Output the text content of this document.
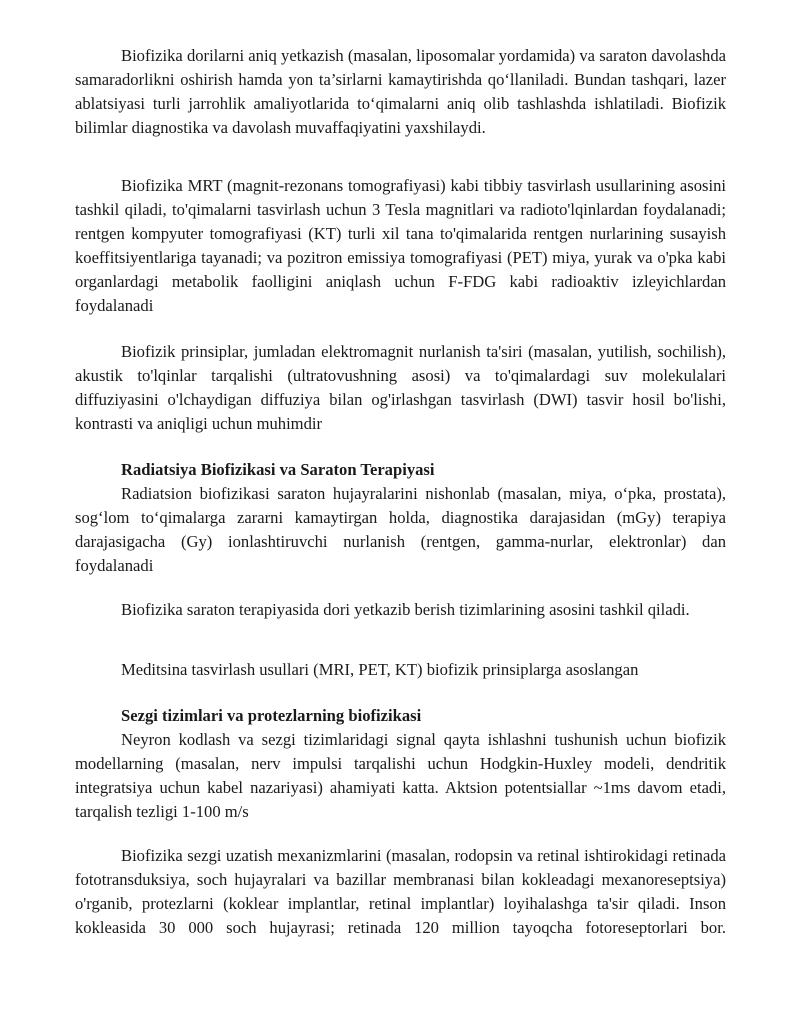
Biofizika dorilarni aniq yetkazish (masalan, liposomalar yordamida) va saraton davolashda samaradorlikni oshirish hamda yon ta’sirlarni kamaytirishda qo‘llaniladi. Bundan tashqari, lazer ablatsiyasi turli jarrohlik amaliyotlarida to‘qimalarni aniq olib tashlashda ishlatiladi. Biofizik bilimlar diagnostika va davolash muvaffaqiyatini yaxshilaydi.

Biofizika MRT (magnit-rezonans tomografiyasi) kabi tibbiy tasvirlash usullarining asosini tashkil qiladi, to'qimalarni tasvirlash uchun 3 Tesla magnitlari va radioto'lqinlardan foydalanadi; rentgen kompyuter tomografiyasi (KT) turli xil tana to'qimalarida rentgen nurlarining susayish koeffitsiyentlariga tayanadi; va pozitron emissiya tomografiyasi (PET) miya, yurak va o'pka kabi organlardagi metabolik faolligini aniqlash uchun F-FDG kabi radioaktiv izleyichlardan foydalanadi

Biofizik prinsiplar, jumladan elektromagnit nurlanish ta'siri (masalan, yutilish, sochilish), akustik to'lqinlar tarqalishi (ultratovushning asosi) va to'qimalardagi suv molekulalari diffuziyasini o'lchaydigan diffuziya bilan og'irlashgan tasvirlash (DWI) tasvir hosil bo'lishi, kontrasti va aniqligi uchun muhimdir

Radiatsiya Biofizikasi va Saraton Terapiyasi

Radiatsion biofizikasi saraton hujayralarini nishonlab (masalan, miya, o‘pka, prostata), sog‘lom to‘qimalarga zararni kamaytirgan holda, diagnostika darajasidan (mGy) terapiya darajasigacha (Gy) ionlashtiruvchi nurlanish (rentgen, gamma-nurlar, elektronlar) dan foydalanadi

Biofizika saraton terapiyasida dori yetkazib berish tizimlarining asosini tashkil qiladi.

Meditsina tasvirlash usullari (MRI, PET, KT) biofizik prinsiplarga asoslangan

Sezgi tizimlari va protezlarning biofizikasi

Neyron kodlash va sezgi tizimlaridagi signal qayta ishlashni tushunish uchun biofizik modellarning (masalan, nerv impulsi tarqalishi uchun Hodgkin-Huxley modeli, dendritik integratsiya uchun kabel nazariyasi) ahamiyati katta. Aktsion potentsiallar ~1ms davom etadi, tarqalish tezligi 1-100 m/s

Biofizika sezgi uzatish mexanizmlarini (masalan, rodopsin va retinal ishtirokidagi retinada fototransduksiya, soch hujayralari va bazillar membranasi bilan kokleadagi mexanoreseptsiya) o'rganib, protezlarni (koklear implantlar, retinal implantlar) loyihalashga ta'sir qiladi. Inson kokleasida 30 000 soch hujayrasi; retinada 120 million tayoqcha fotoreseptorlari bor.
